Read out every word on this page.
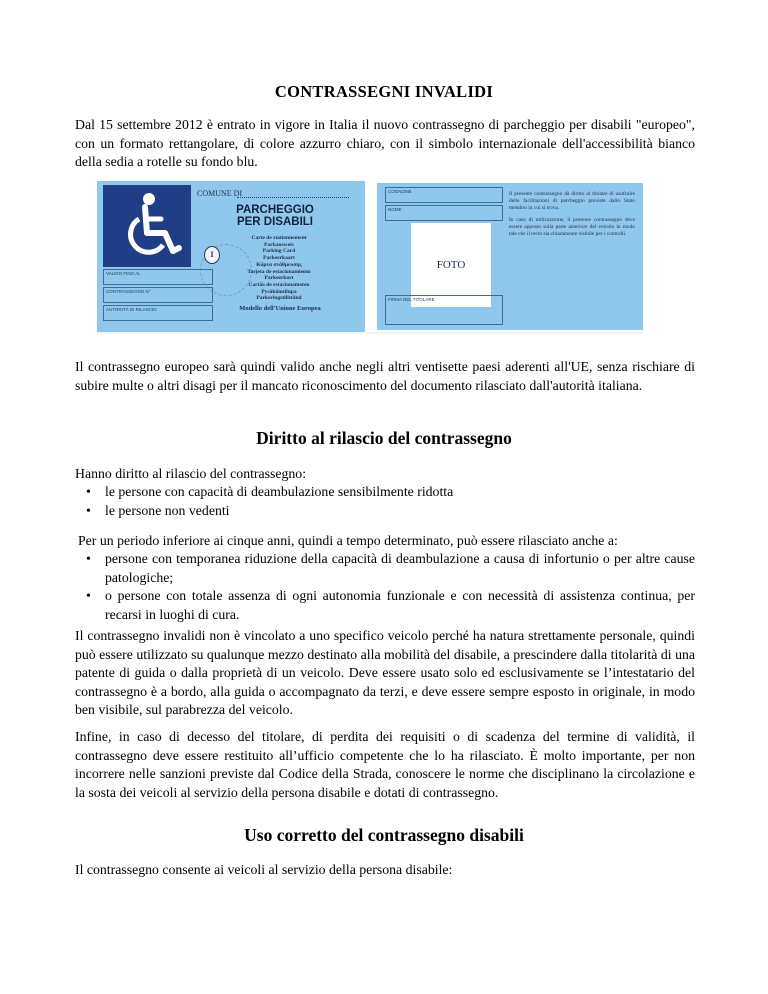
CONTRASSEGNI INVALIDI

Dal 15 settembre 2012 è entrato in vigore in Italia il nuovo contrassegno di parcheggio per disabili "europeo", con un formato rettangolare, di colore azzurro chiaro, con il simbolo internazionale dell'accessibilità bianco della sedia a rotelle su fondo blu.

COMUNE DI
PARCHEGGIO
PER DISABILI
I
Carte de stationnement
Parkausweis
Parking Card
Parkeerkaart
Κάρτα στάθμευσης
Tarjeta de estacionamiento
Parkeerkort
Cartão de estacionamento
Pysäköintilupa
Parkeringstillstånd
VALIDO FINO AL
CONTRASSEGNO N°
AUTORITÀ DI RILASCIO	Modello dell'Unione Europea
COGNOME
NOME
FOTO
FIRMA DEL TITOLARE

Il presente contrassegno dà diritto al titolare di usufruire delle facilitazioni di parcheggio previste dallo Stato membro in cui si trova.

In caso di utilizzazione, il presente contrassegno deve essere apposto sulla parte anteriore del veicolo in modo tale che il recto sia chiaramente visibile per i controlli.

Il contrassegno europeo sarà quindi valido anche negli altri ventisette paesi aderenti all'UE, senza rischiare di subire multe o altri disagi per il mancato riconoscimento del documento rilasciato dall'autorità italiana.

Diritto al rilascio del contrassegno

Hanno diritto al rilascio del contrassegno:

• le persone con capacità di deambulazione sensibilmente ridotta
• le persone non vedenti

Per un periodo inferiore ai cinque anni, quindi a tempo determinato, può essere rilasciato anche a:

• persone con temporanea riduzione della capacità di deambulazione a causa di infortunio o per altre cause patologiche;
• o persone con totale assenza di ogni autonomia funzionale e con necessità di assistenza continua, per recarsi in luoghi di cura.

Il contrassegno invalidi non è vincolato a uno specifico veicolo perché ha natura strettamente personale, quindi può essere utilizzato su qualunque mezzo destinato alla mobilità del disabile, a prescindere dalla titolarità di una patente di guida o dalla proprietà di un veicolo. Deve essere usato solo ed esclusivamente se l’intestatario del contrassegno è a bordo, alla guida o accompagnato da terzi, e deve essere sempre esposto in originale, in modo ben visibile, sul parabrezza del veicolo.

Infine, in caso di decesso del titolare, di perdita dei requisiti o di scadenza del termine di validità, il contrassegno deve essere restituito all’ufficio competente che lo ha rilasciato. È molto importante, per non incorrere nelle sanzioni previste dal Codice della Strada, conoscere le norme che disciplinano la circolazione e la sosta dei veicoli al servizio della persona disabile e dotati di contrassegno.

Uso corretto del contrassegno disabili

Il contrassegno consente ai veicoli al servizio della persona disabile:
